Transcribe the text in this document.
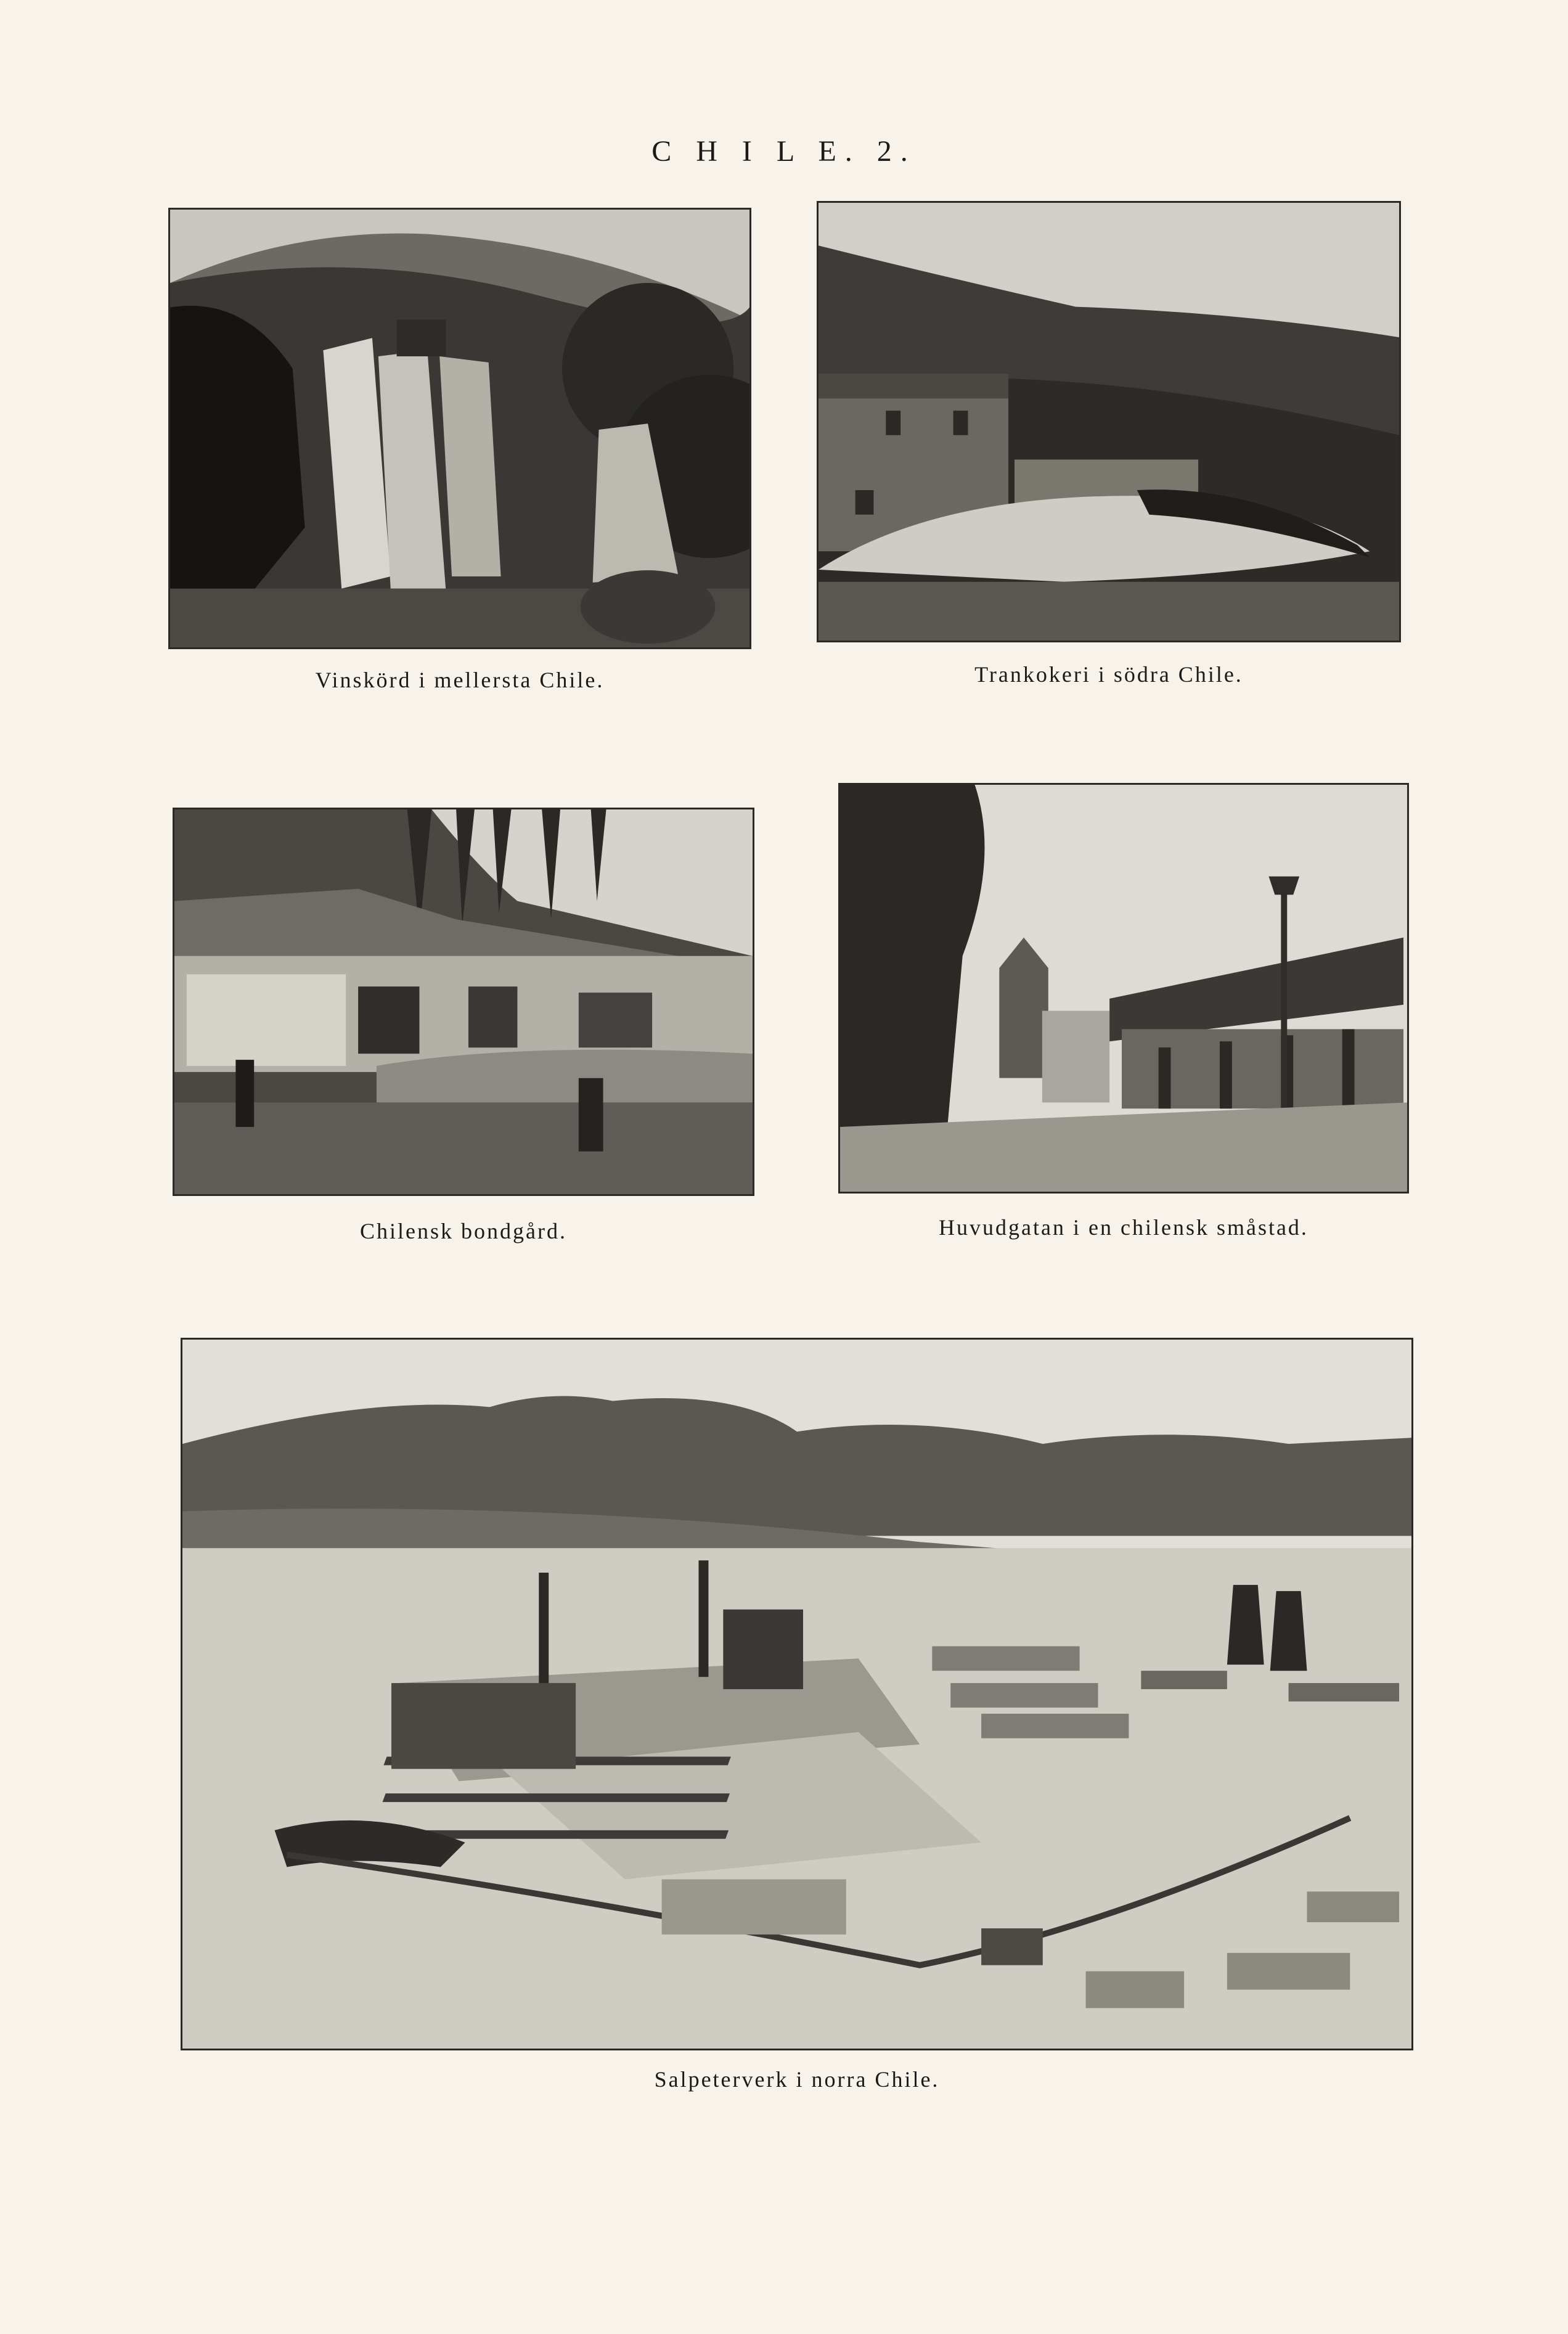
C H I L E. 2.
Vinskörd i mellersta Chile.	Trankokeri i södra Chile.
Chilensk bondgård.	Huvudgatan i en chilensk småstad.
Salpeterverk i norra Chile.
